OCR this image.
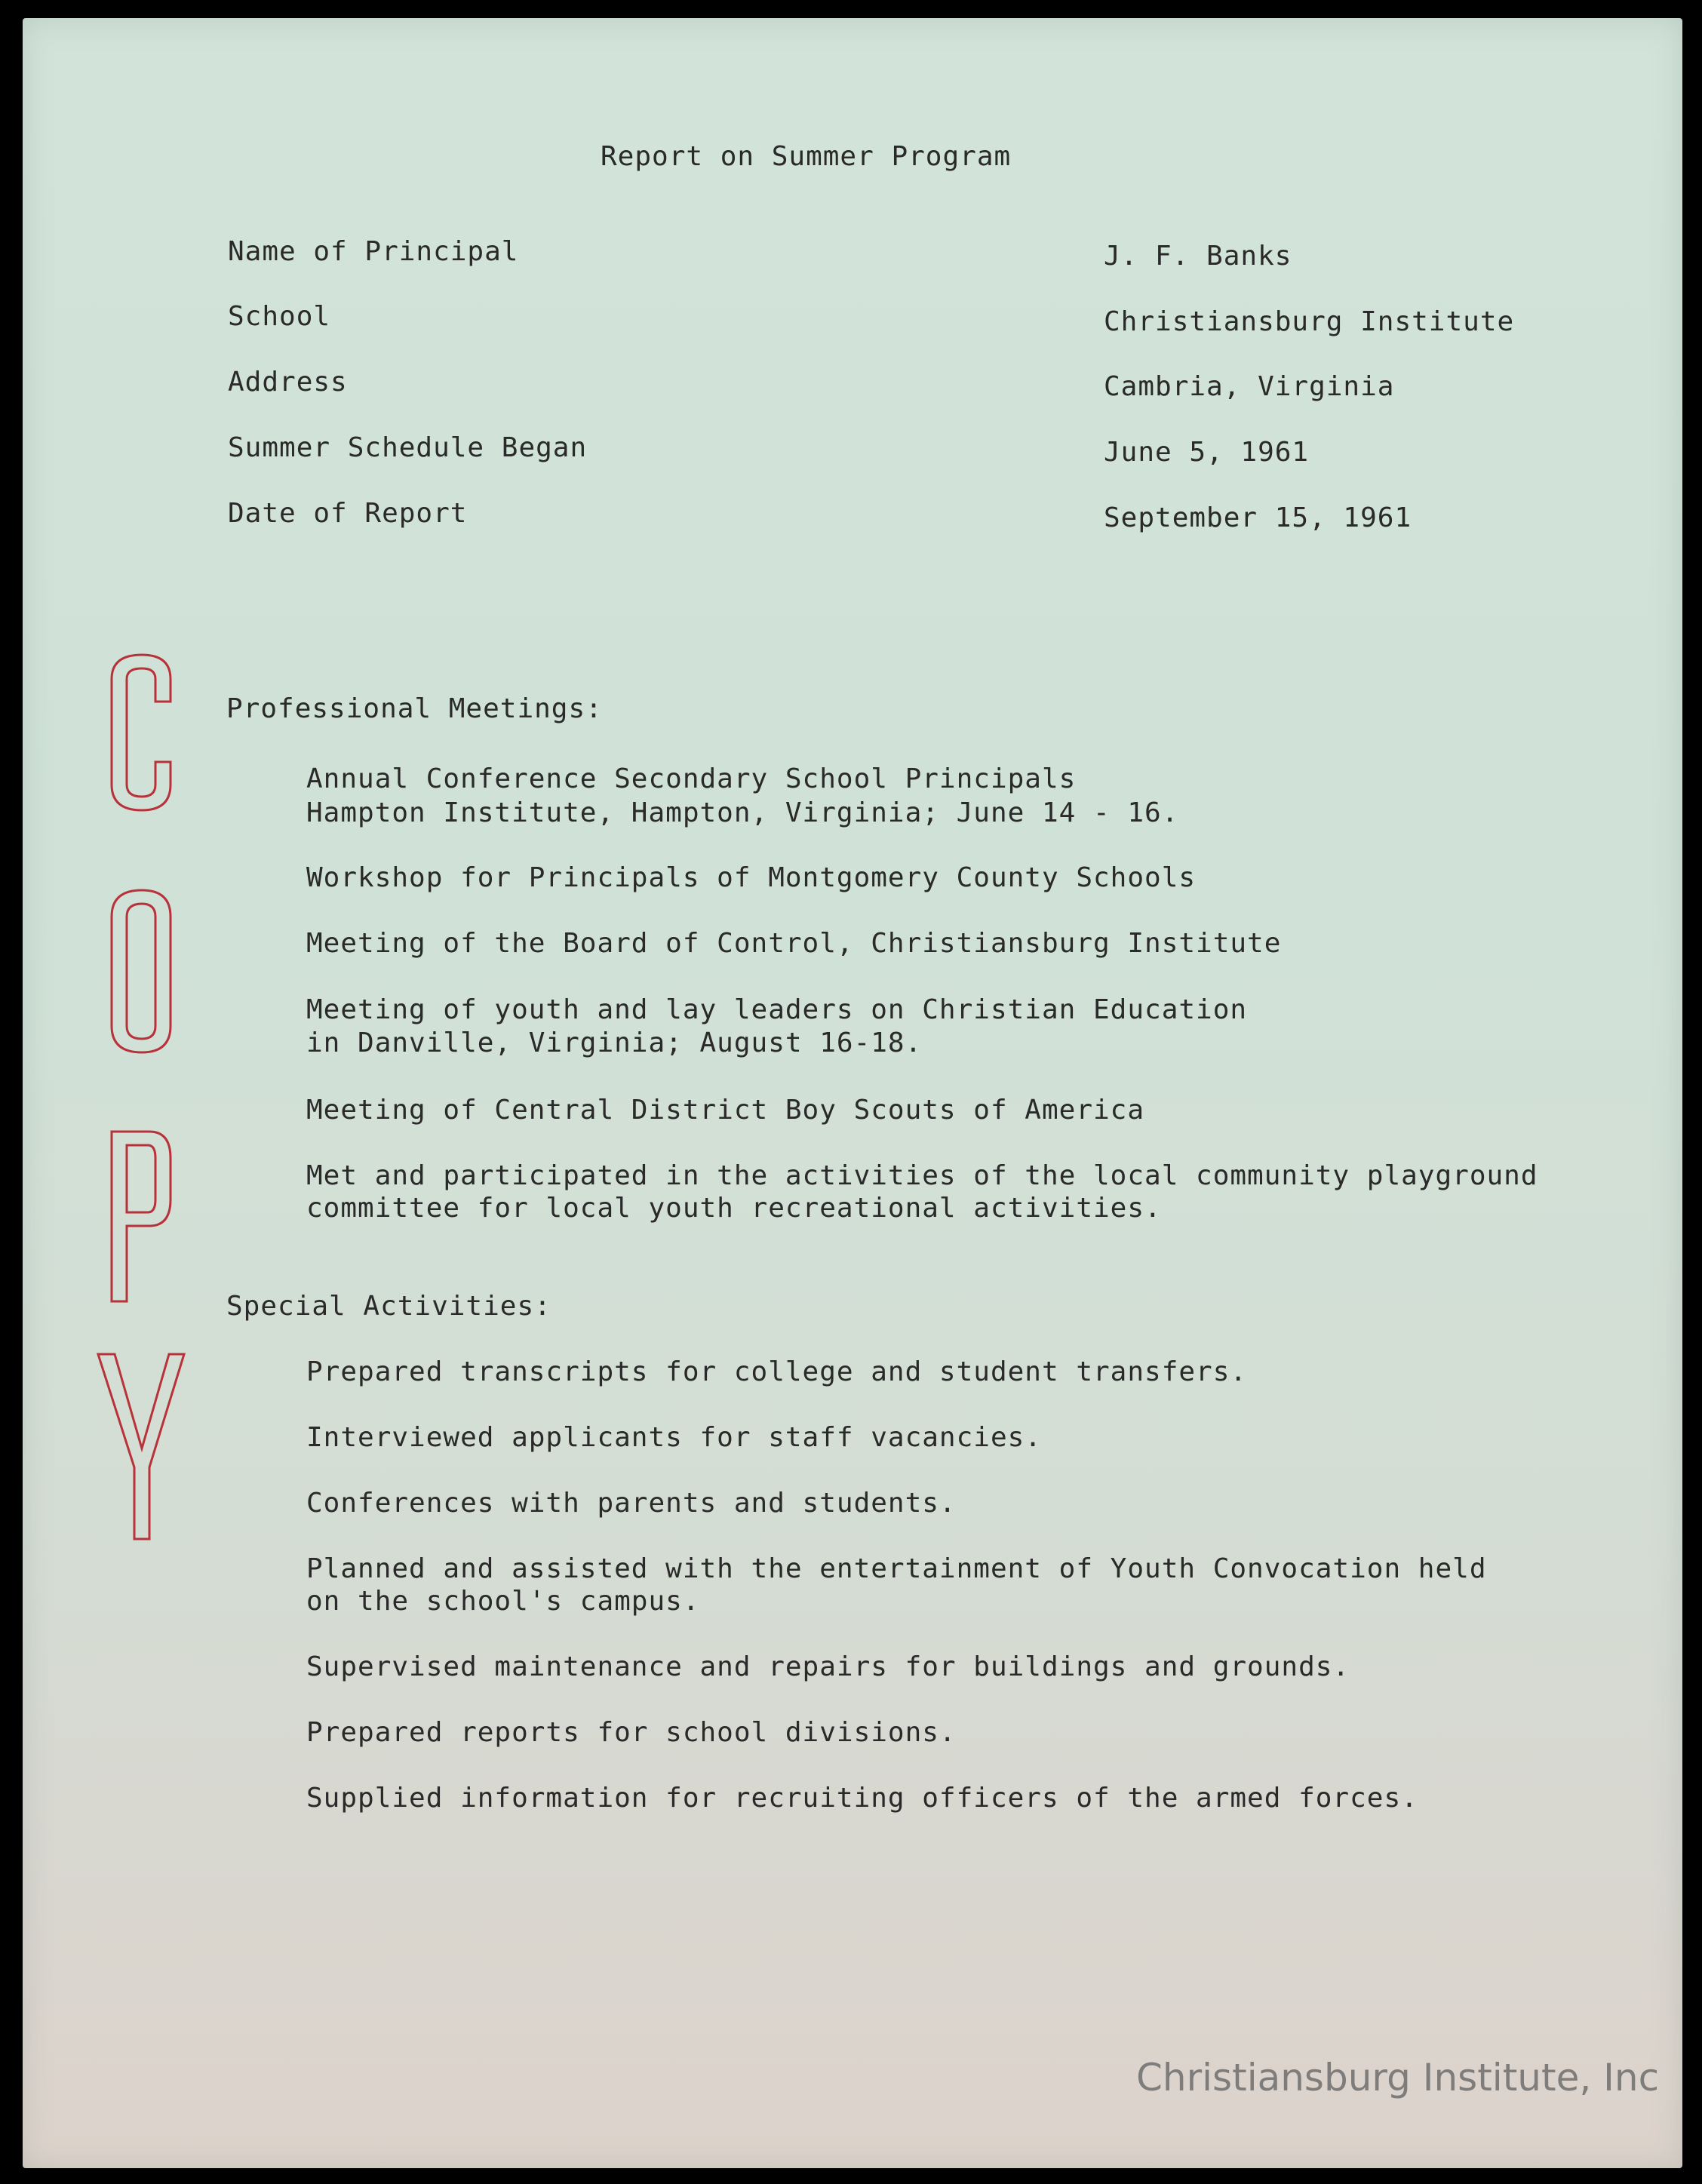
Report on Summer Program
Name of Principal	J. F. Banks
School	Christiansburg Institute
Address	Cambria, Virginia
Summer Schedule Began	June 5, 1961
Date of Report	September 15, 1961
Professional Meetings:
Annual Conference Secondary School Principals
Hampton Institute, Hampton, Virginia; June 14 - 16.
Workshop for Principals of Montgomery County Schools
Meeting of the Board of Control, Christiansburg Institute
Meeting of youth and lay leaders on Christian Education
in Danville, Virginia; August 16-18.
Meeting of Central District Boy Scouts of America
Met and participated in the activities of the local community playground
committee for local youth recreational activities.
Special Activities:
Prepared transcripts for college and student transfers.
Interviewed applicants for staff vacancies.
Conferences with parents and students.
Planned and assisted with the entertainment of Youth Convocation held
on the school's campus.
Supervised maintenance and repairs for buildings and grounds.
Prepared reports for school divisions.
Supplied information for recruiting officers of the armed forces.
Christiansburg Institute, Inc
